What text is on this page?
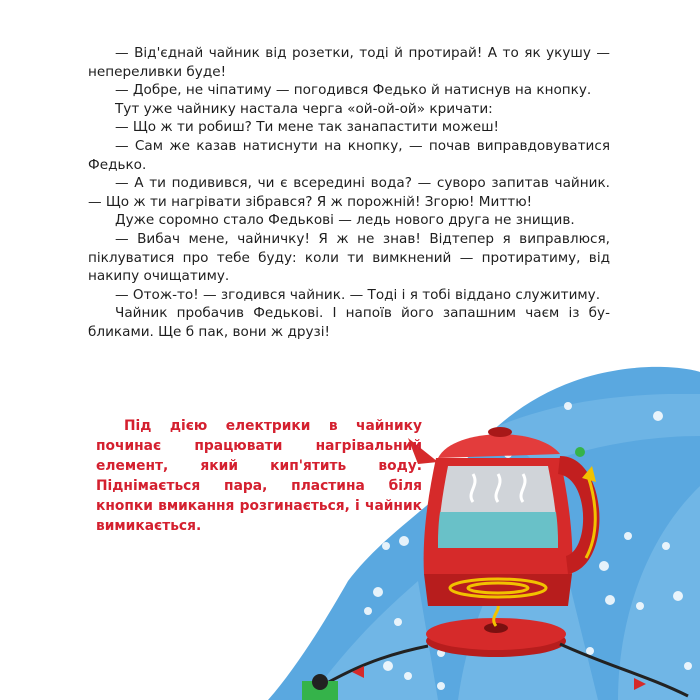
— Від'єднай чайник від розетки, тоді й протирай! А то як укушу — непереливки буде!

— Добре, не чіпатиму — погодився Федько й натиснув на кнопку.

Тут уже чайнику настала черга «ой-ой-ой» кричати:

— Що ж ти робиш? Ти мене так занапастити можеш!

— Сам же казав натиснути на кнопку, — почав виправдовуватися Федько.

— А ти подивився, чи є всередині вода? — суворо запитав чайник. — Що ж ти нагрівати зібрався? Я ж порожній! Згорю! Миттю!

Дуже соромно стало Федькові — ледь нового друга не знищив.

— Вибач мене, чайничку! Я ж не знав! Відтепер я виправлюся, піклуватися про тебе буду: коли ти вимкнений — протиратиму, від накипу очищатиму.

— Отож-то! — згодився чайник. — Тоді і я тобі віддано служитиму.

Чайник пробачив Федькові. І напоїв його запашним чаєм із бубликами. Ще б пак, вони ж друзі!

Під дією електрики в чайнику починає працювати нагрівальний елемент, який кип'ятить воду. Піднімається пара, пластина біля кнопки вмикання розгинається, і чайник вимикається.
